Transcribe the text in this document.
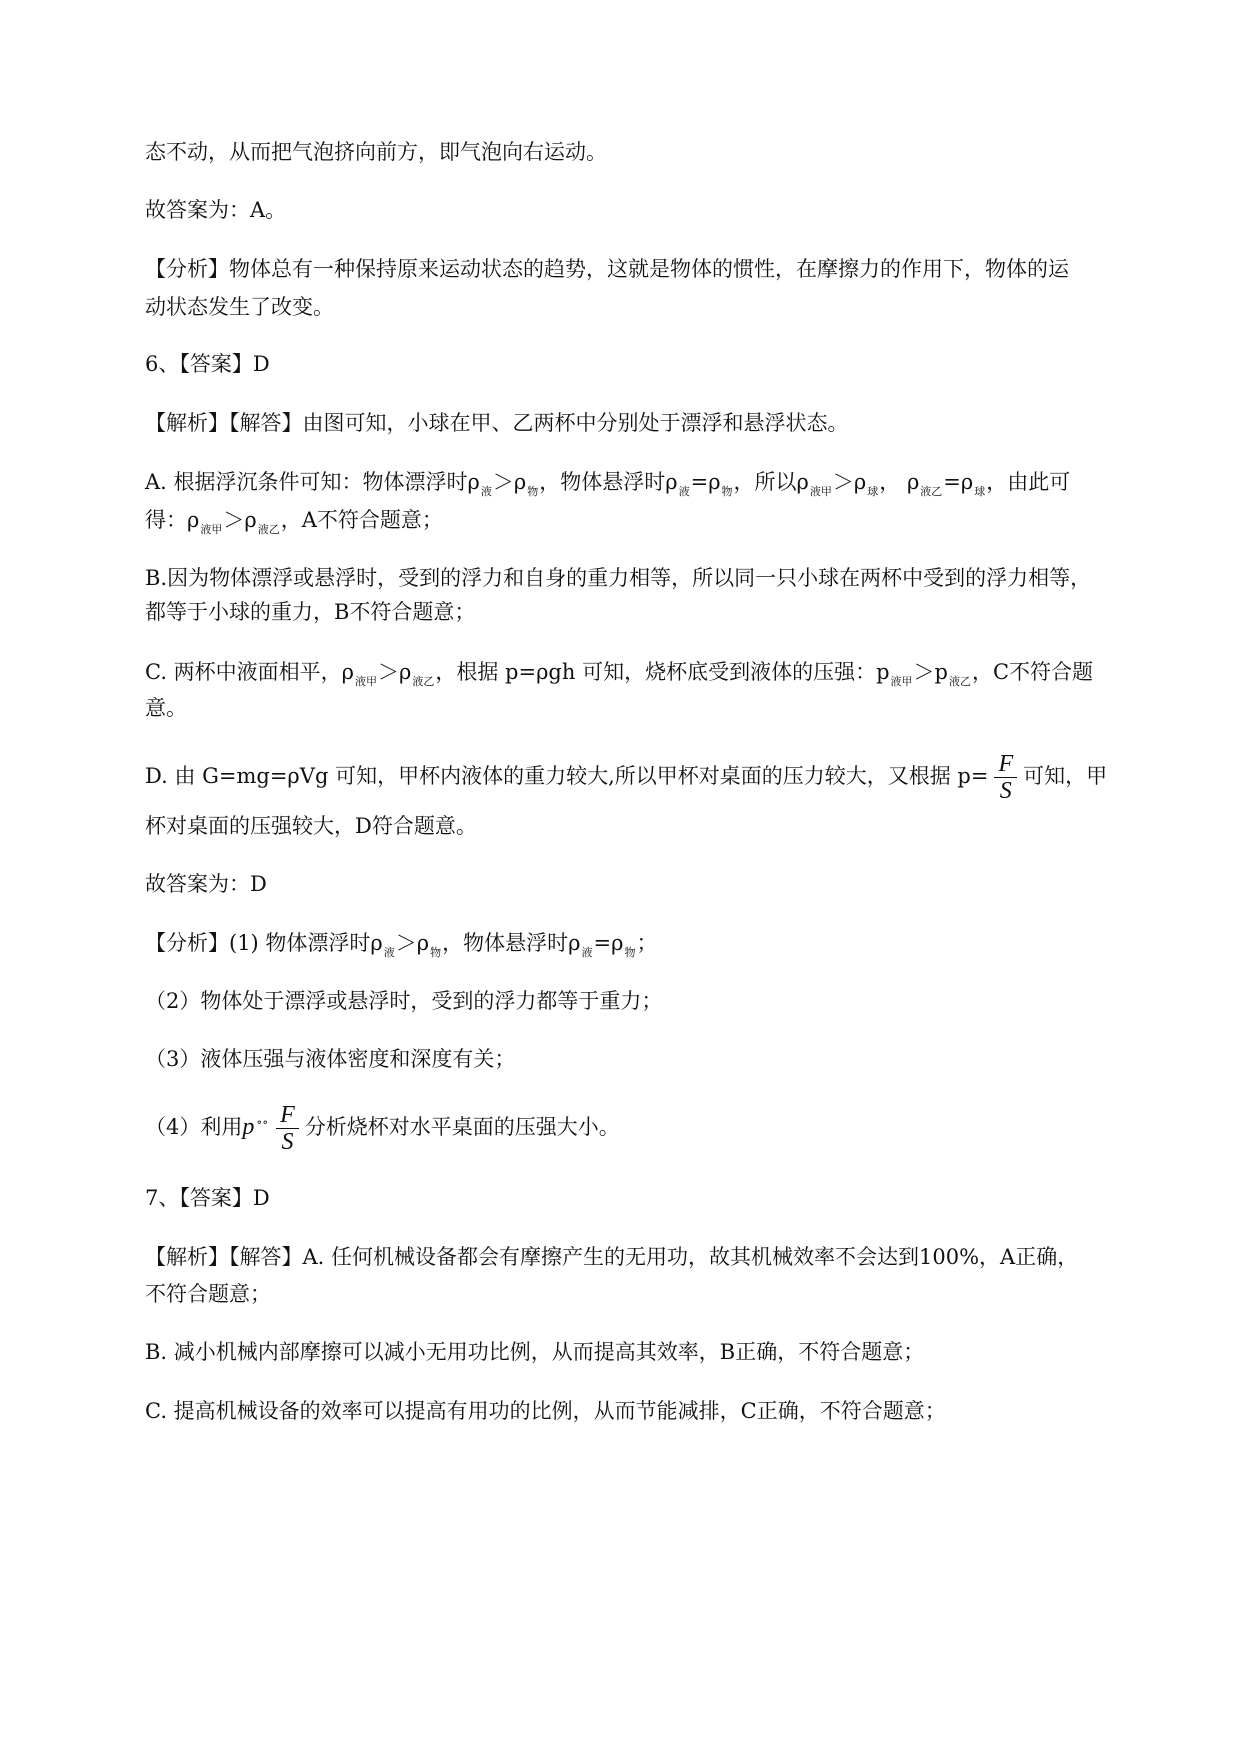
态不动，从而把气泡挤向前方，即气泡向右运动。
故答案为：A。
【分析】物体总有一种保持原来运动状态的趋势，这就是物体的惯性，在摩擦力的作用下，物体的运
动状态发生了改变。
6、【答案】D
【解析】【解答】由图可知，小球在甲、乙两杯中分别处于漂浮和悬浮状态。
A. 根据浮沉条件可知：物体漂浮时$\rho_液>\rho_物$，物体悬浮时$\rho_液=\rho_物$，所以$\rho_{液甲}>\rho_球$， $\rho_{液乙}=\rho_球$，由此可
得：$\rho_{液甲}>\rho_{液乙}$，A不符合题意；
B.因为物体漂浮或悬浮时，受到的浮力和自身的重力相等，所以同一只小球在两杯中受到的浮力相等，
都等于小球的重力，B不符合题意；
C. 两杯中液面相平，$\rho_{液甲}>\rho_{液乙}$，根据 p=ρgh 可知，烧杯底受到液体的压强：$p_{液甲}>p_{液乙}$，C不符合题
意。
D. 由 G=mg=ρVg 可知，甲杯内液体的重力较大,所以甲杯对桌面的压力较大，又根据 $p= \frac{F}{S}$ 可知，甲
杯对桌面的压强较大，D符合题意。
故答案为：D
【分析】(1) 物体漂浮时$\rho_液>\rho_物$，物体悬浮时$\rho_液=\rho_物$；
（2）物体处于漂浮或悬浮时，受到的浮力都等于重力；
（3）液体压强与液体密度和深度有关；
（4）利用p $^{\circ\circ} \frac{F}{S}$ 分析烧杯对水平桌面的压强大小。
7、【答案】D
【解析】【解答】A. 任何机械设备都会有摩擦产生的无用功，故其机械效率不会达到100%，A正确，
不符合题意；
B. 减小机械内部摩擦可以减小无用功比例，从而提高其效率，B正确，不符合题意；
C. 提高机械设备的效率可以提高有用功的比例，从而节能减排，C正确，不符合题意；
